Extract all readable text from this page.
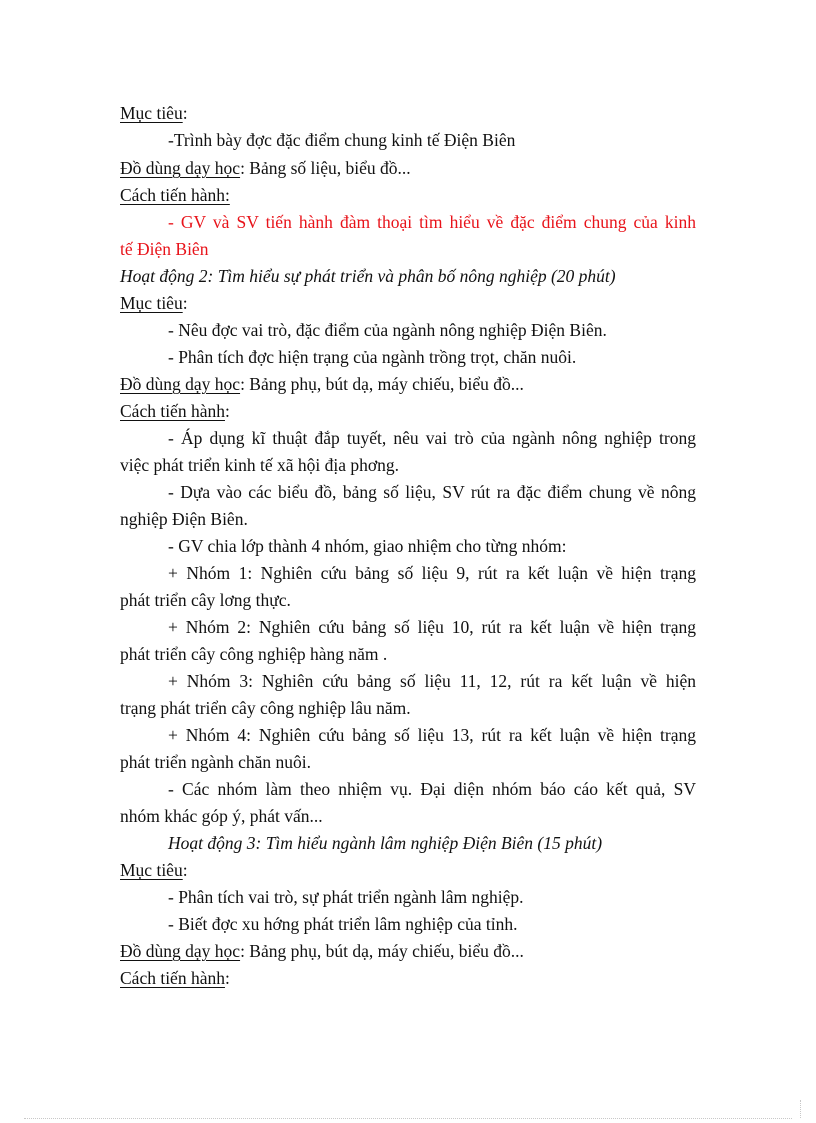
Mục tiêu:
-Trình bày đợc đặc điểm chung kinh tế Điện Biên
Đồ dùng dạy học: Bảng số liệu, biểu đồ...
Cách tiến hành:
- GV và SV tiến hành đàm thoại tìm hiểu về đặc điểm chung của kinh
tế Điện Biên
Hoạt động 2: Tìm hiểu sự phát triển và phân bố nông nghiệp (20 phút)
Mục tiêu:
- Nêu đợc vai trò, đặc điểm của ngành nông nghiệp Điện Biên.
- Phân tích đợc hiện trạng của ngành trồng trọt, chăn nuôi.
Đồ dùng dạy học: Bảng phụ, bút dạ, máy chiếu, biểu đồ...
Cách tiến hành:
- Áp dụng kĩ thuật đắp tuyết, nêu vai trò của ngành nông nghiệp trong
việc phát triển kinh tế xã hội địa phơng.
- Dựa vào các biểu đồ, bảng số liệu, SV rút ra đặc điểm chung về nông
nghiệp Điện Biên.
- GV chia lớp thành 4 nhóm, giao nhiệm cho từng nhóm:
+ Nhóm 1: Nghiên cứu bảng số liệu 9, rút ra kết luận về hiện trạng
phát triển cây lơng thực.
+ Nhóm 2: Nghiên cứu bảng số liệu 10, rút ra kết luận về hiện trạng
phát triển cây công nghiệp hàng năm .
+ Nhóm 3: Nghiên cứu bảng số liệu 11, 12, rút ra kết luận về hiện
trạng phát triển cây công nghiệp lâu năm.
+ Nhóm 4: Nghiên cứu bảng số liệu 13, rút ra kết luận về hiện trạng
phát triển ngành chăn nuôi.
- Các nhóm làm theo nhiệm vụ. Đại diện nhóm báo cáo kết quả, SV
nhóm khác góp ý, phát vấn...
Hoạt động 3: Tìm hiểu ngành lâm nghiệp Điện Biên (15 phút)
Mục tiêu:
- Phân tích vai trò, sự phát triển ngành lâm nghiệp.
- Biết đợc xu hớng phát triển lâm nghiệp của tỉnh.
Đồ dùng dạy học: Bảng phụ, bút dạ, máy chiếu, biểu đồ...
Cách tiến hành:
